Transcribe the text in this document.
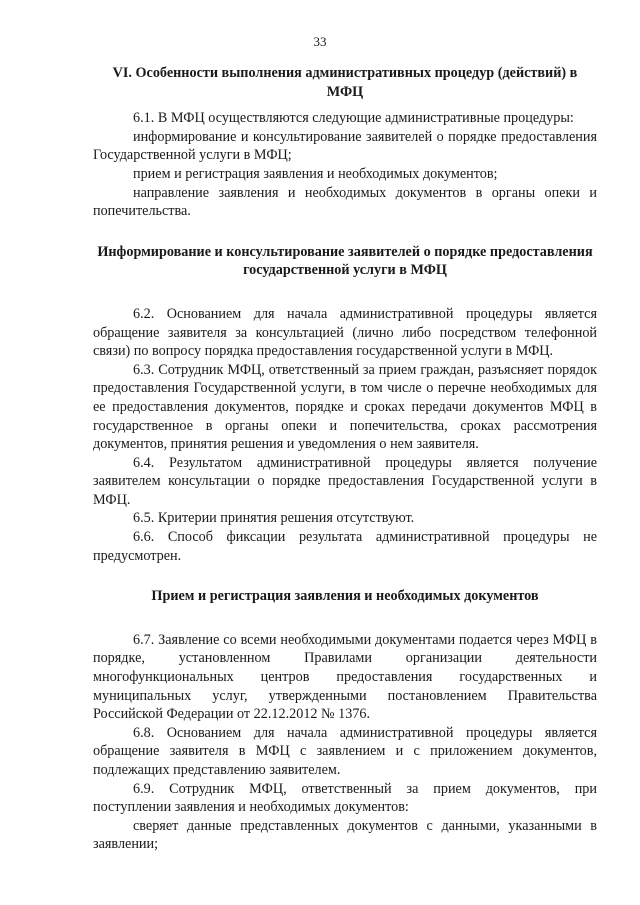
33

VI. Особенности выполнения административных процедур (действий) в МФЦ

6.1. В МФЦ осуществляются следующие административные процедуры:

информирование и консультирование заявителей о порядке предоставления Государственной услуги в МФЦ;

прием и регистрация заявления и необходимых документов;

направление заявления и необходимых документов в органы опеки и попечительства.

Информирование и консультирование заявителей о порядке предоставления государственной услуги в МФЦ

6.2. Основанием для начала административной процедуры является обращение заявителя за консультацией (лично либо посредством телефонной связи) по вопросу порядка предоставления государственной услуги в МФЦ.

6.3. Сотрудник МФЦ, ответственный за прием граждан, разъясняет порядок предоставления Государственной услуги, в том числе о перечне необходимых для ее предоставления документов, порядке и сроках передачи документов МФЦ в государственное в органы опеки и попечительства, сроках рассмотрения документов, принятия решения и уведомления о нем заявителя.

6.4. Результатом административной процедуры является получение заявителем консультации о порядке предоставления Государственной услуги в МФЦ.

6.5. Критерии принятия решения отсутствуют.

6.6. Способ фиксации результата административной процедуры не предусмотрен.

Прием и регистрация заявления и необходимых документов

6.7. Заявление со всеми необходимыми документами подается через МФЦ в порядке, установленном Правилами организации деятельности многофункциональных центров предоставления государственных и муниципальных услуг, утвержденными постановлением Правительства Российской Федерации от 22.12.2012 № 1376.

6.8. Основанием для начала административной процедуры является обращение заявителя в МФЦ с заявлением и с приложением документов, подлежащих представлению заявителем.

6.9. Сотрудник МФЦ, ответственный за прием документов, при поступлении заявления и необходимых документов:

сверяет данные представленных документов с данными, указанными в заявлении;
